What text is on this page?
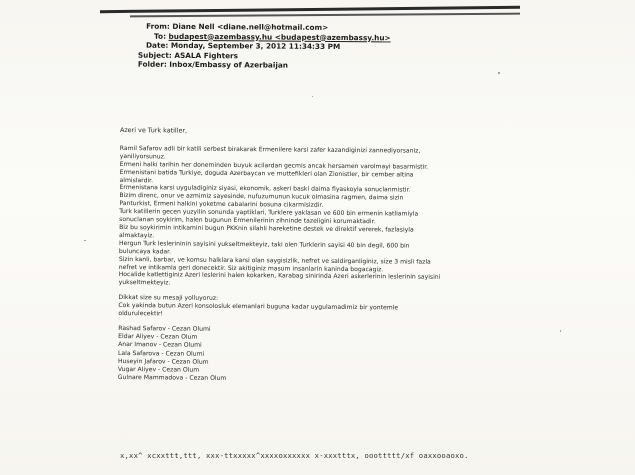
From: Diane Nell <diane.nell@hotmail.com>
To: budapest@azembassy.hu <budapest@azembassy.hu>
Date: Monday, September 3, 2012 11:34:33 PM
Subject: ASALA Fighters
Folder: Inbox/Embassy of Azerbaijan

Azeri ve Turk katiller,

Ramil Safarov adli bir katili serbest birakarak Ermenilere karsi zafer kazandiginizi zannediyorsaniz,

yaniliyorsunuz.

Ermeni halki tarihin her doneminden buyuk acilardan gecmis ancak hersamen varolmayi basarmistir.

Ermenistani batida Turkiye, doguda Azerbaycan ve muttefikleri olan Zionistler, bir cember altina

almislardir.

Ermenistana karsi uyguladiginiz siyasi, ekonomik, askeri baski daima fiyaskoyla sonuclanmistir.

Bizim direnc, onur ve azmimiz sayesinde, nufuzumunun kucuk olmasina ragmen, daima sizin

Panturkist, Ermeni halkini yoketme cabalarini bosuna cikarmisizdir.

Turk katillerin gecen yuzyilin sonunda yaptiklari, Turklere yaklasan ve 600 bin ermenin katliamiyla

sonuclanan soykirim, halen bugunun Ermenilerinin zihninde tazeligini korumaktadir.

Biz bu soykirimin intikamini bugun PKKnin silahli hareketine destek ve direktif vererek, fazlasiyla

almaktayiz.

Hergun Turk leslerininin sayisini yukseltmekteyiz, taki olen Turklerin sayisi 40 bin degil, 600 bin

buluncaya kadar.

Sizin kanli, barbar, ve komsu halklara karsi olan saygisizlik, nefret ve saldirganliginiz, size 3 misli fazla

nefret ve intikamla geri donecektir. Siz akitiginiz masum insanlarin kaninda bogacagiz.

Hocalide katlettiginiz Azeri leslerini halen kokarken, Karabag sinirinda Azeri askerlerinin leslerinin sayisini

yukseltmekteyiz.

Dikkat size su mesaji yolluyoruz:

Cok yakinda butun Azeri konsolosluk elemanlari buguna kadar uygulamadimiz bir yontemle

oldurulecektir!

Rashad Safarov - Cezan Olumi

Eldar Aliyev - Cezan Olum

Anar Imanov - Cezan Olumi

Lala Safarova - Cezan Olumi

Huseyin Jafarov - Cezan Olum

Vugar Aliyev - Cezan Olum

Gulnare Mammadova - Cezan Olum

x,xx^ xcxxttt,ttt, xxx-ttxxxxx^xxxxoxxxxxx x-xxxtttx, ooottttt/xf oaxxooaoxo.
